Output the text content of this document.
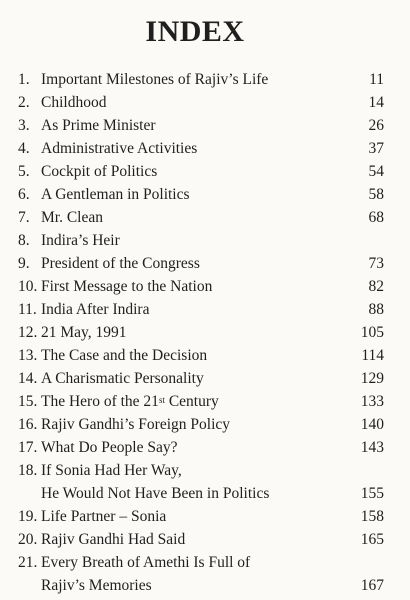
INDEX
1. Important Milestones of Rajiv’s Life	11
2. Childhood	14
3. As Prime Minister	26
4. Administrative Activities	37
5. Cockpit of Politics	54
6. A Gentleman in Politics	58
7. Mr. Clean	68
8. Indira’s Heir
9. President of the Congress	73
10. First Message to the Nation	82
11. India After Indira	88
12. 21 May, 1991	105
13. The Case and the Decision	114
14. A Charismatic Personality	129
15. The Hero of the 21st Century	133
16. Rajiv Gandhi’s Foreign Policy	140
17. What Do People Say?	143
18. If Sonia Had Her Way,
He Would Not Have Been in Politics	155
19. Life Partner – Sonia	158
20. Rajiv Gandhi Had Said	165
21. Every Breath of Amethi Is Full of
Rajiv’s Memories	167
